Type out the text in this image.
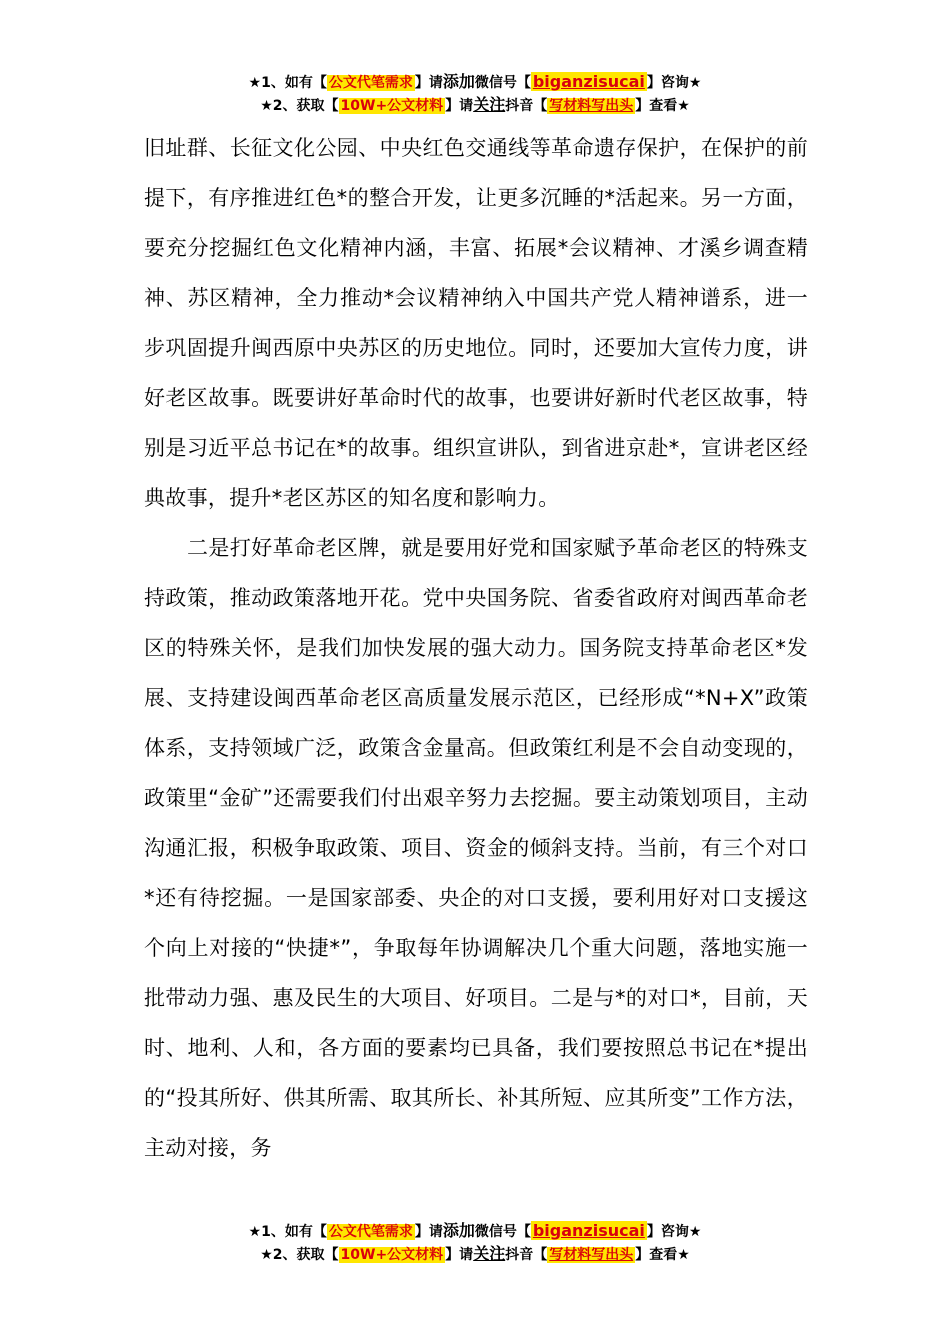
★1、如有【 公文代笔需求 】请添加微信号【 biganzisucai 】咨询★
★2、获取【 10W+公文材料 】请关注抖音【 写材料写出头 】查看★

旧址群、长征文化公园、中央红色交通线等革命遗存保护，在保护的前提下，有序推进红色*的整合开发，让更多沉睡的*活起来。另一方面，要充分挖掘红色文化精神内涵，丰富、拓展*会议精神、才溪乡调查精神、苏区精神，全力推动*会议精神纳入中国共产党人精神谱系，进一步巩固提升闽西原中央苏区的历史地位。同时，还要加大宣传力度，讲好老区故事。既要讲好革命时代的故事，也要讲好新时代老区故事，特别是习近平总书记在*的故事。组织宣讲队，到省进京赴*，宣讲老区经典故事，提升*老区苏区的知名度和影响力。

二是打好革命老区牌，就是要用好党和国家赋予革命老区的特殊支持政策，推动政策落地开花。党中央国务院、省委省政府对闽西革命老区的特殊关怀，是我们加快发展的强大动力。国务院支持革命老区*发展、支持建设闽西革命老区高质量发展示范区，已经形成“*N+X”政策体系，支持领域广泛，政策含金量高。但政策红利是不会自动变现的，政策里“金矿”还需要我们付出艰辛努力去挖掘。要主动策划项目，主动沟通汇报，积极争取政策、项目、资金的倾斜支持。当前，有三个对口*还有待挖掘。一是国家部委、央企的对口支援，要利用好对口支援这个向上对接的“快捷*”，争取每年协调解决几个重大问题，落地实施一批带动力强、惠及民生的大项目、好项目。二是与*的对口*，目前，天时、地利、人和，各方面的要素均已具备，我们要按照总书记在*提出的“投其所好、供其所需、取其所长、补其所短、应其所变”工作方法，主动对接，务

★1、如有【 公文代笔需求 】请添加微信号【 biganzisucai 】咨询★
★2、获取【 10W+公文材料 】请关注抖音【 写材料写出头 】查看★
